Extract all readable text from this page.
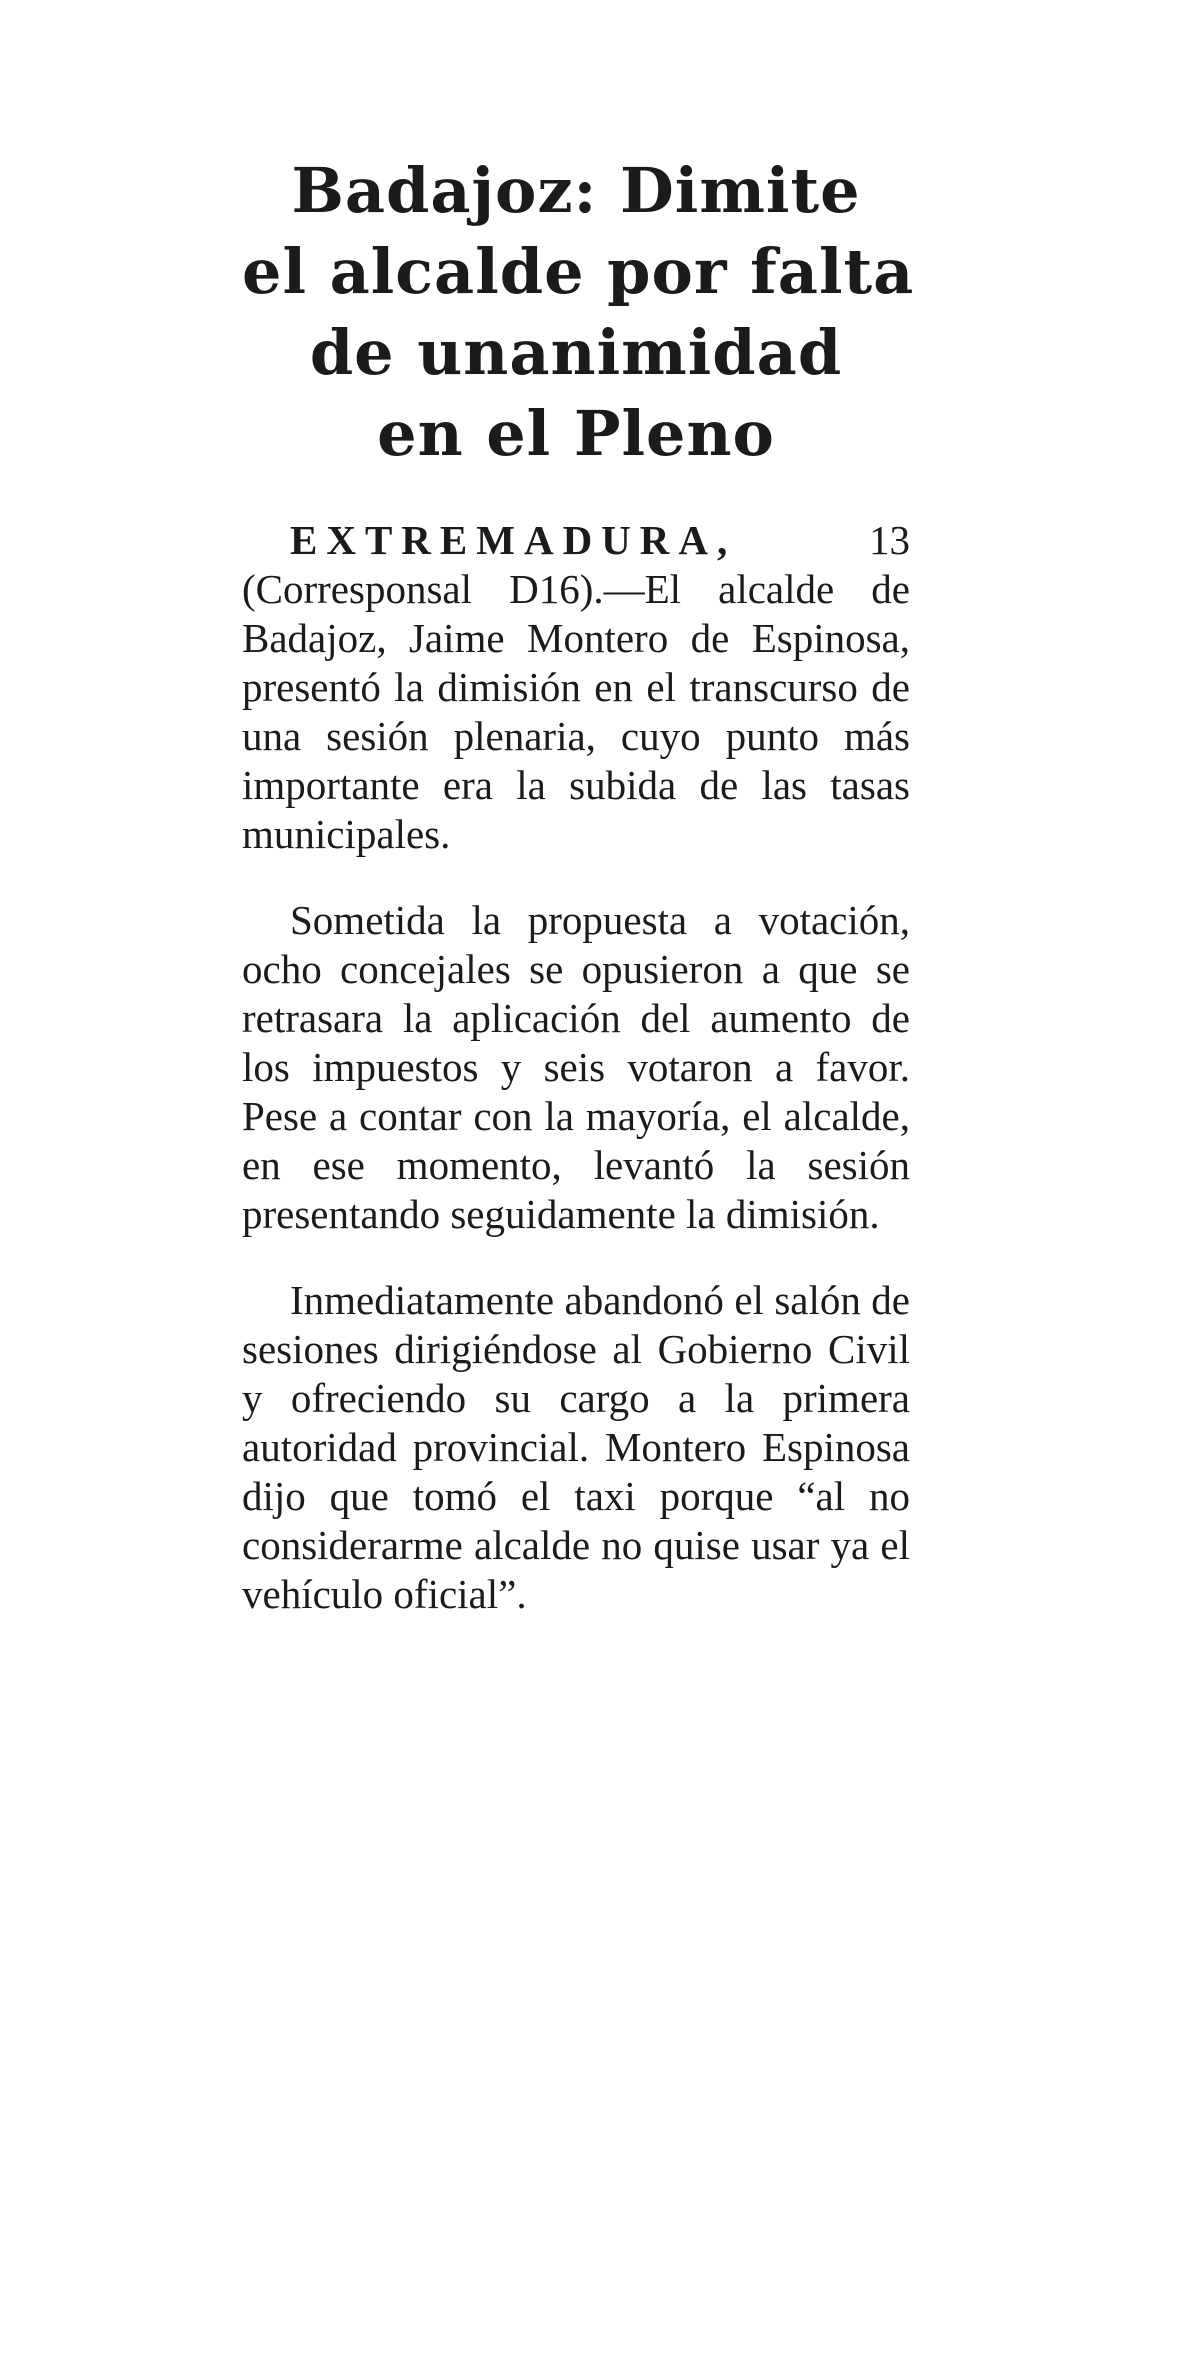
Badajoz: Dimite
el alcalde por falta
de unanimidad
en el Pleno

EXTREMADURA,	13 (Corresponsal D16).—El alcalde de Badajoz, Jaime Montero de Espinosa, presentó la dimisión en el transcurso de una sesión plenaria, cuyo punto más importante era la subida de las tasas municipales.

Sometida la propuesta a votación, ocho concejales se opusieron a que se retrasara la aplicación del aumento de los impuestos y seis votaron a favor. Pese a contar con la mayoría, el alcalde, en ese momento, levantó la sesión presentando seguidamente la dimisión.

Inmediatamente abandonó el salón de sesiones dirigiéndose al Gobierno Civil y ofreciendo su cargo a la primera autoridad provincial. Montero Espinosa dijo que tomó el taxi porque “al no considerarme alcalde no quise usar ya el vehículo oficial”.
